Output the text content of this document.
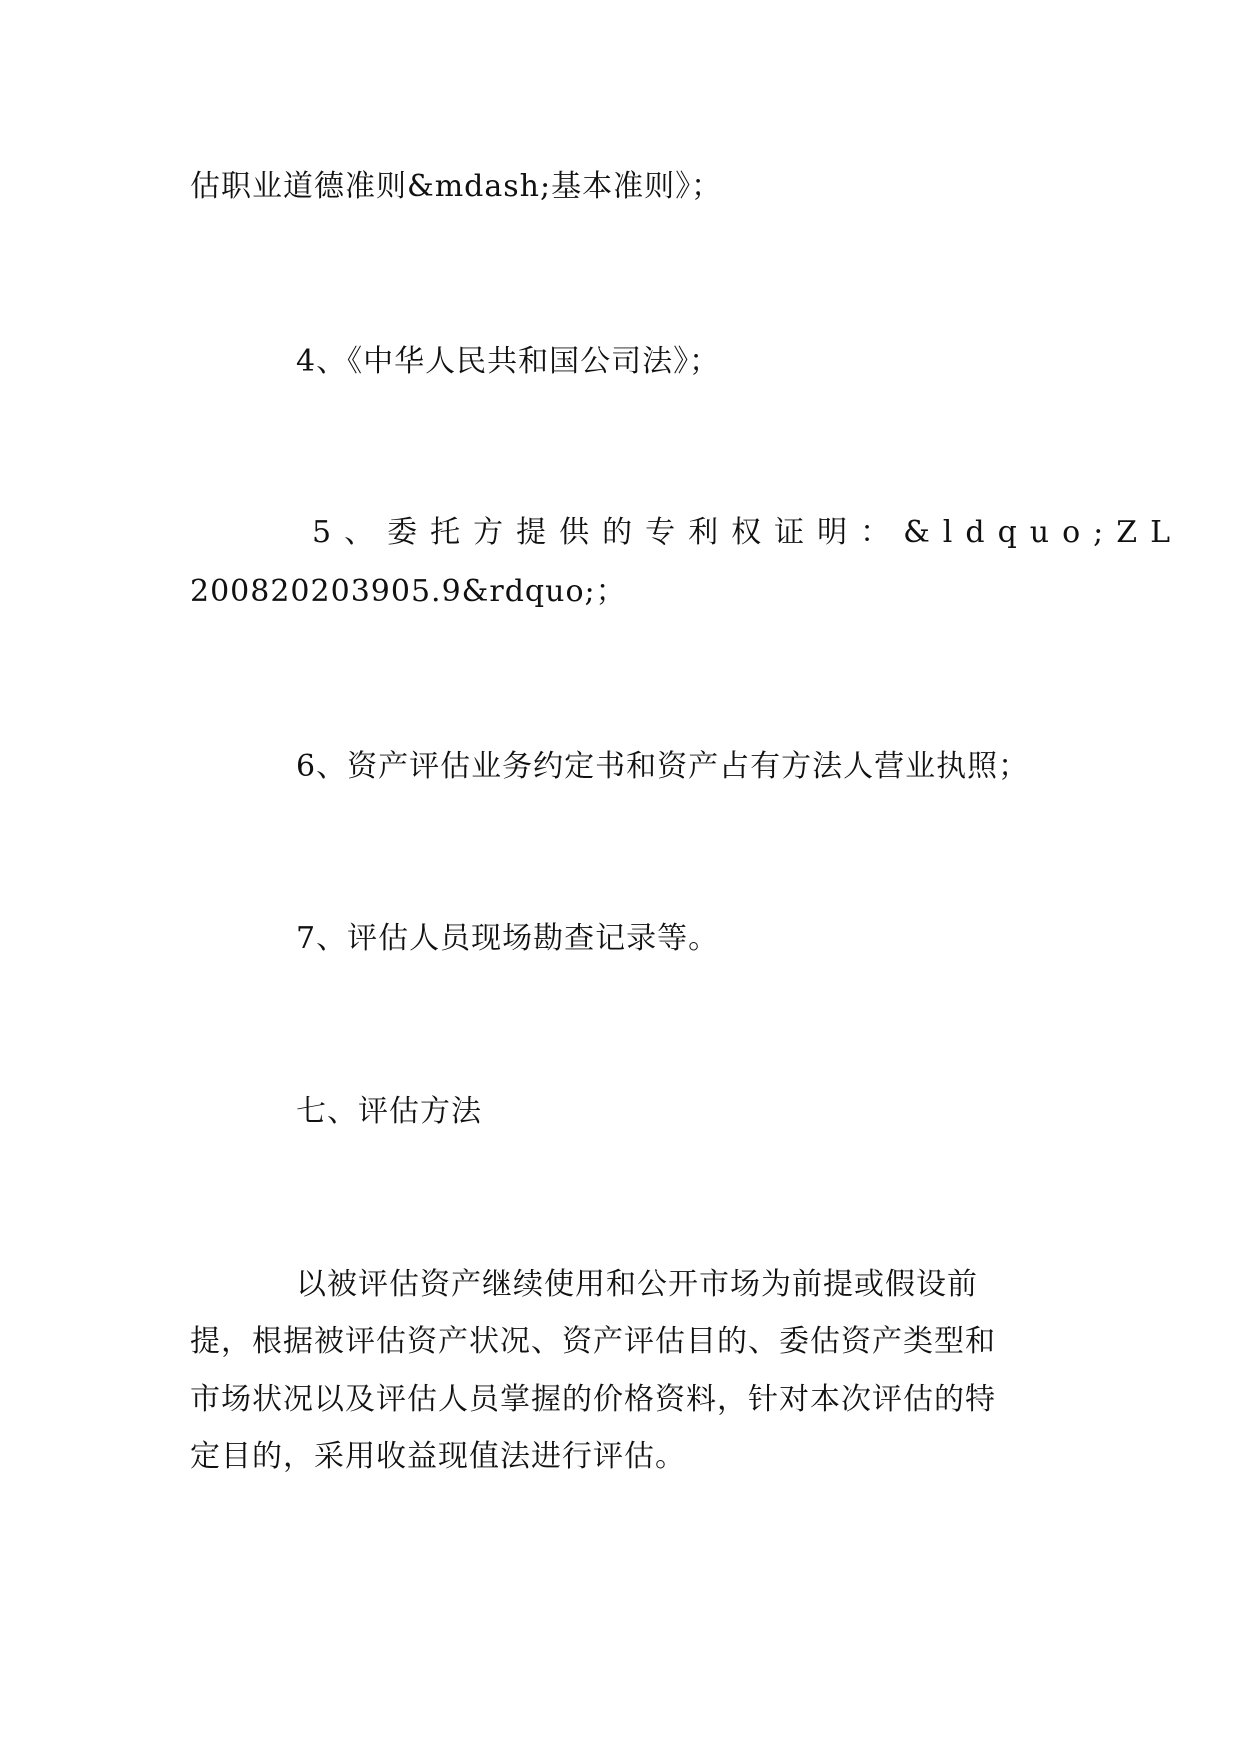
估职业道德准则&mdash;基本准则》；
4、《中华人民共和国公司法》；
5、委托方提供的专利权证明：&ldquo;ZL
200820203905.9&rdquo;；
6、资产评估业务约定书和资产占有方法人营业执照；
7、评估人员现场勘查记录等。
七、评估方法
以被评估资产继续使用和公开市场为前提或假设前
提，根据被评估资产状况、资产评估目的、委估资产类型和
市场状况以及评估人员掌握的价格资料，针对本次评估的特
定目的，采用收益现值法进行评估。
